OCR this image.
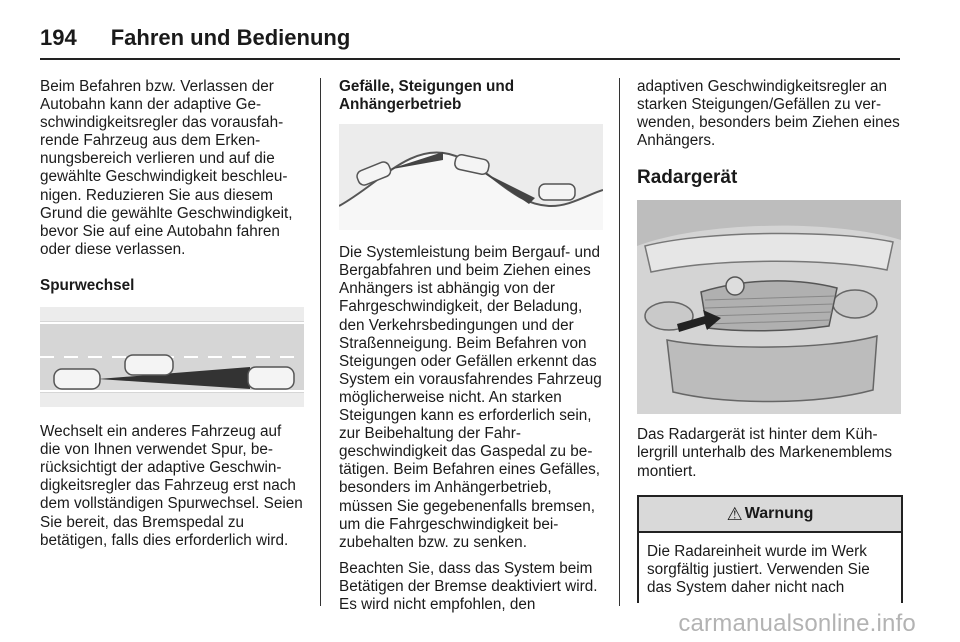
194 Fahren und Bedienung

Beim Befahren bzw. Verlassen der Autobahn kann der adaptive Geschwindigkeitsregler das vorausfahrende Fahrzeug aus dem Erkennungsbereich verlieren und auf die gewählte Geschwindigkeit beschleunigen. Reduzieren Sie aus diesem Grund die gewählte Geschwindigkeit, bevor Sie auf eine Autobahn fahren oder diese verlassen.

Spurwechsel

Wechselt ein anderes Fahrzeug auf die von Ihnen verwendet Spur, berücksichtigt der adaptive Geschwindigkeitsregler das Fahrzeug erst nach dem vollständigen Spurwechsel. Seien Sie bereit, das Bremspedal zu betätigen, falls dies erforderlich wird.

Gefälle, Steigungen und Anhängerbetrieb

Die Systemleistung beim Bergauf- und Bergabfahren und beim Ziehen eines Anhängers ist abhängig von der Fahrgeschwindigkeit, der Beladung, den Verkehrsbedingungen und der Straßenneigung. Beim Befahren von Steigungen oder Gefällen erkennt das System ein vorausfahrendes Fahrzeug möglicherweise nicht. An starken Steigungen kann es erforderlich sein, zur Beibehaltung der Fahrgeschwindigkeit das Gaspedal zu betätigen. Beim Befahren eines Gefälles, besonders im Anhängerbetrieb, müssen Sie gegebenenfalls bremsen, um die Fahrgeschwindigkeit beizubehalten bzw. zu senken.

Beachten Sie, dass das System beim Betätigen der Bremse deaktiviert wird. Es wird nicht empfohlen, den

adaptiven Geschwindigkeitsregler an starken Steigungen/Gefällen zu verwenden, besonders beim Ziehen eines Anhängers.

Radargerät

Das Radargerät ist hinter dem Kühlergrill unterhalb des Markenemblems montiert.

⚠ Warnung
Die Radareinheit wurde im Werk sorgfältig justiert. Verwenden Sie das System daher nicht nach
carmanualsonline.info
